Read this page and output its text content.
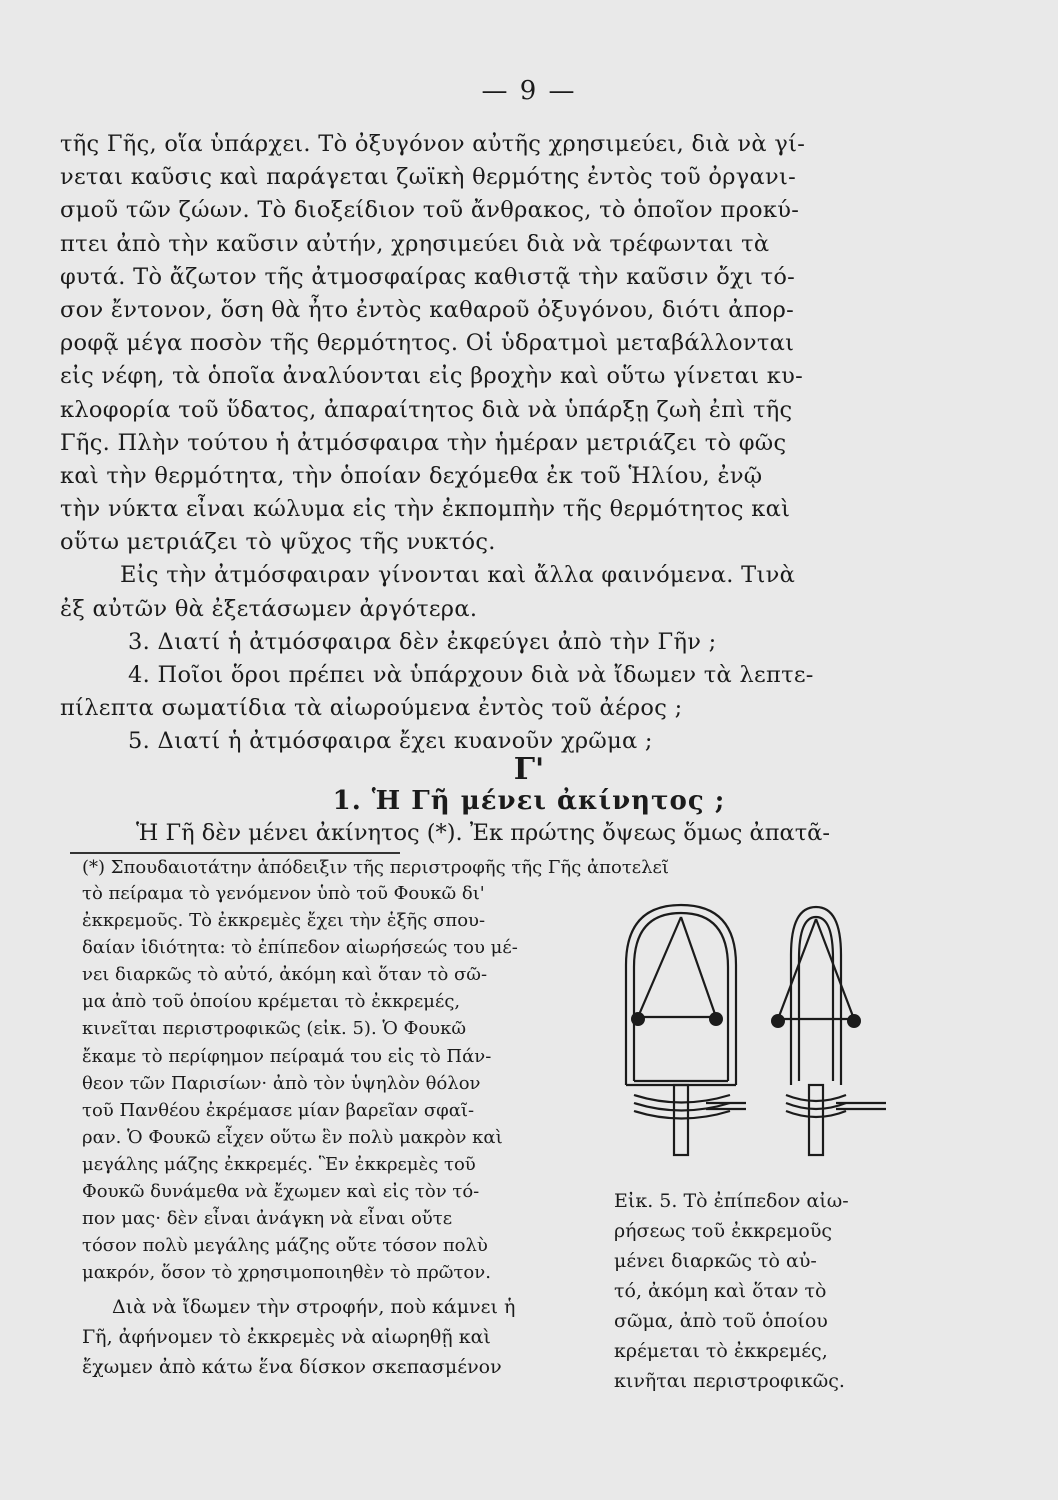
— 9 —
τῆς Γῆς, οἵα ὑπάρχει. Τὸ ὀξυγόνον αὐτῆς χρησιμεύει, διὰ νὰ γί-
νεται καῦσις καὶ παράγεται ζωϊκὴ θερμότης ἐντὸς τοῦ ὀργανι-
σμοῦ τῶν ζώων. Τὸ διοξείδιον τοῦ ἄνθρακος, τὸ ὁποῖον προκύ-
πτει ἀπὸ τὴν καῦσιν αὐτήν, χρησιμεύει διὰ νὰ τρέφωνται τὰ
φυτά. Τὸ ἄζωτον τῆς ἀτμοσφαίρας καθιστᾷ τὴν καῦσιν ὄχι τό-
σον ἔντονον, ὅση θὰ ἦτο ἐντὸς καθαροῦ ὀξυγόνου, διότι ἀπορ-
ροφᾷ μέγα ποσὸν τῆς θερμότητος. Οἱ ὑδρατμοὶ μεταβάλλονται
εἰς νέφη, τὰ ὁποῖα ἀναλύονται εἰς βροχὴν καὶ οὕτω γίνεται κυ-
κλοφορία τοῦ ὕδατος, ἀπαραίτητος διὰ νὰ ὑπάρξῃ ζωὴ ἐπὶ τῆς
Γῆς. Πλὴν τούτου ἡ ἀτμόσφαιρα τὴν ἡμέραν μετριάζει τὸ φῶς
καὶ τὴν θερμότητα, τὴν ὁποίαν δεχόμεθα ἐκ τοῦ Ἡλίου, ἐνῷ
τὴν νύκτα εἶναι κώλυμα εἰς τὴν ἐκπομπὴν τῆς θερμότητος καὶ
οὕτω μετριάζει τὸ ψῦχος τῆς νυκτός.
Εἰς τὴν ἀτμόσφαιραν γίνονται καὶ ἄλλα φαινόμενα. Τινὰ
ἐξ αὐτῶν θὰ ἐξετάσωμεν ἀργότερα.
3. Διατί ἡ ἀτμόσφαιρα δὲν ἐκφεύγει ἀπὸ τὴν Γῆν ;
4. Ποῖοι ὅροι πρέπει νὰ ὑπάρχουν διὰ νὰ ἴδωμεν τὰ λεπτε-
πίλεπτα σωματίδια τὰ αἰωρούμενα ἐντὸς τοῦ ἀέρος ;
5. Διατί ἡ ἀτμόσφαιρα ἔχει κυανοῦν χρῶμα ;
Γ'
1. Ἡ Γῆ μένει ἀκίνητος ;
Ἡ Γῆ δὲν μένει ἀκίνητος (*). Ἐκ πρώτης ὄψεως ὅμως ἀπατᾶ-
(*) Σπουδαιοτάτην ἀπόδειξιν τῆς περιστροφῆς τῆς Γῆς ἀποτελεῖ
τὸ πείραμα τὸ γενόμενον ὑπὸ τοῦ Φουκῶ δι'
ἐκκρεμοῦς. Τὸ ἐκκρεμὲς ἔχει τὴν ἑξῆς σπου-
δαίαν ἰδιότητα: τὸ ἐπίπεδον αἰωρήσεώς του μέ-
νει διαρκῶς τὸ αὐτό, ἀκόμη καὶ ὅταν τὸ σῶ-
μα ἀπὸ τοῦ ὁποίου κρέμεται τὸ ἐκκρεμές,
κινεῖται περιστροφικῶς (εἰκ. 5). Ὁ Φουκῶ
ἔκαμε τὸ περίφημον πείραμά του εἰς τὸ Πάν-
θεον τῶν Παρισίων· ἀπὸ τὸν ὑψηλὸν θόλον
τοῦ Πανθέου ἐκρέμασε μίαν βαρεῖαν σφαῖ-
ραν. Ὁ Φουκῶ εἶχεν οὕτω ἓν πολὺ μακρὸν καὶ
μεγάλης μάζης ἐκκρεμές. Ἓν ἐκκρεμὲς τοῦ
Φουκῶ δυνάμεθα νὰ ἔχωμεν καὶ εἰς τὸν τό-
πον μας· δὲν εἶναι ἀνάγκη νὰ εἶναι οὔτε
τόσον πολὺ μεγάλης μάζης οὔτε τόσον πολὺ
μακρόν, ὅσον τὸ χρησιμοποιηθὲν τὸ πρῶτον.
Διὰ νὰ ἴδωμεν τὴν στροφήν, ποὺ κάμνει ἡ
Γῆ, ἀφήνομεν τὸ ἐκκρεμὲς νὰ αἰωρηθῇ καὶ
ἔχωμεν ἀπὸ κάτω ἕνα δίσκον σκεπασμένον
Εἰκ. 5. Τὸ ἐπίπεδον αἰω-
ρήσεως τοῦ ἐκκρεμοῦς
μένει διαρκῶς τὸ αὐ-
τό, ἀκόμη καὶ ὅταν τὸ
σῶμα, ἀπὸ τοῦ ὁποίου
κρέμεται τὸ ἐκκρεμές,
κινῆται περιστροφικῶς.
